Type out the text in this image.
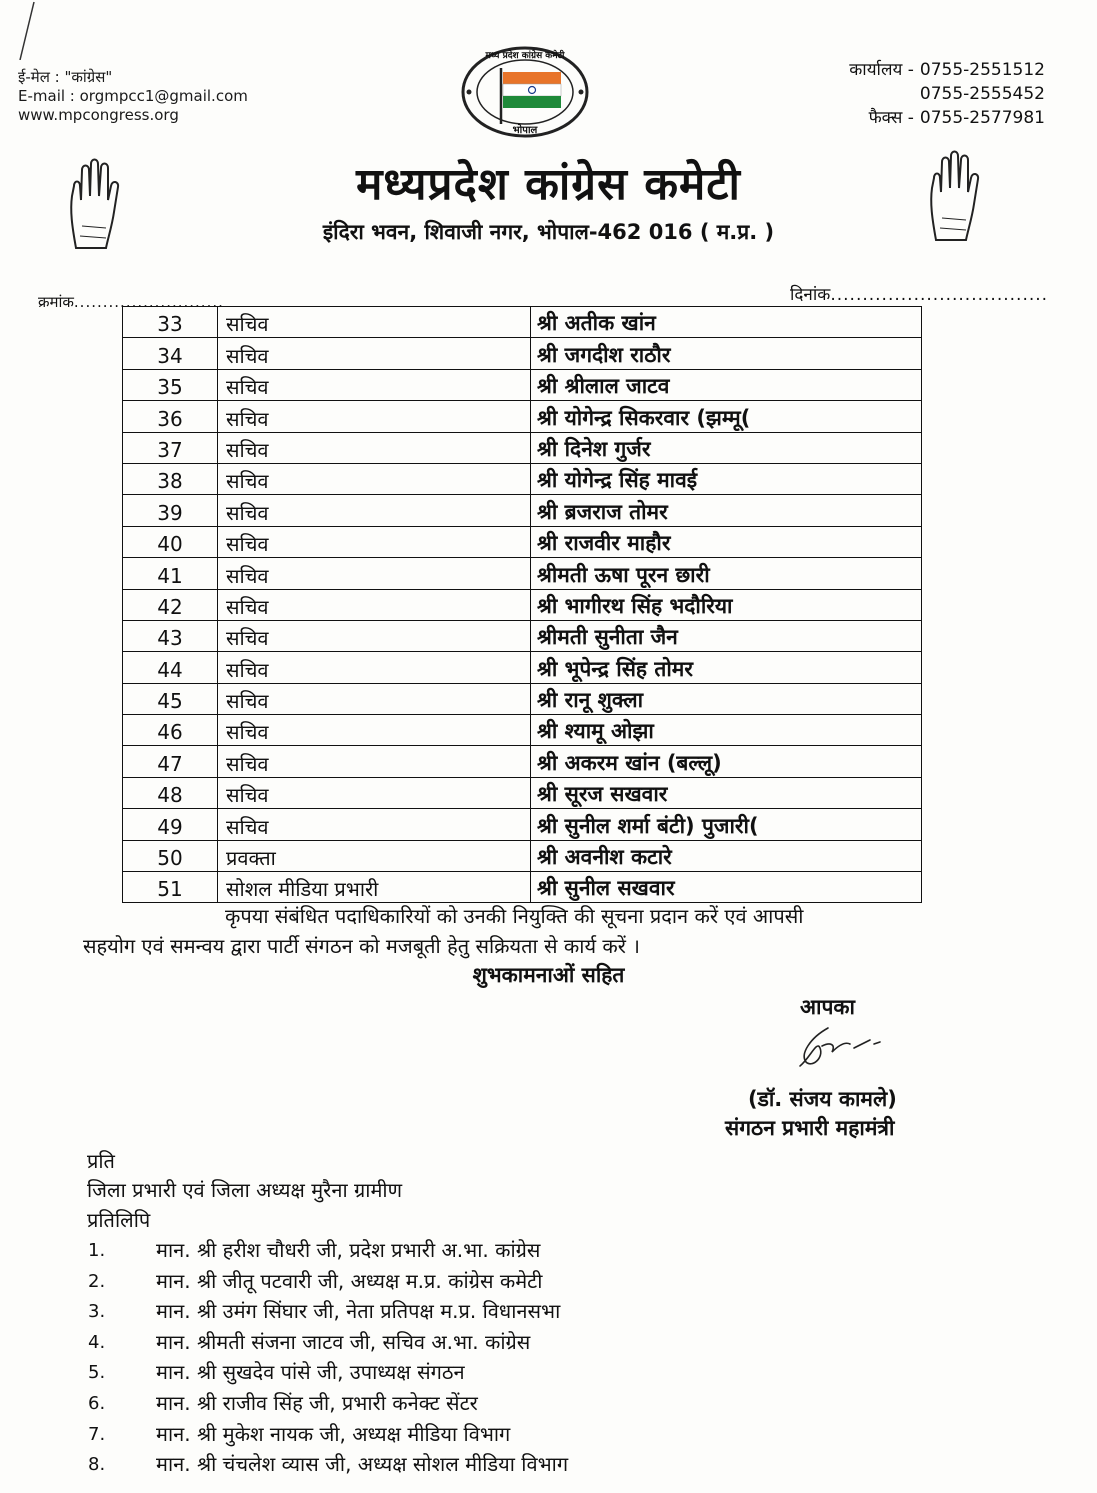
ई-मेल : "कांग्रेस"
E-mail : orgmpcc1@gmail.com
www.mpcongress.org
मध्य प्रदेश कांग्रेस कमेटी
भोपाल
कार्यालय - 0755-2551512
0755-2555452
फैक्स - 0755-2577981
मध्यप्रदेश कांग्रेस कमेटी
इंदिरा भवन, शिवाजी नगर, भोपाल-462 016 ( म.प्र. )
क्रमांक..........................	दिनांक..................................
33	सचिव	श्री अतीक खांन
34	सचिव	श्री जगदीश राठौर
35	सचिव	श्री श्रीलाल जाटव
36	सचिव	श्री योगेन्द्र सिकरवार (झम्मू(
37	सचिव	श्री दिनेश गुर्जर
38	सचिव	श्री योगेन्द्र सिंह मावई
39	सचिव	श्री ब्रजराज तोमर
40	सचिव	श्री राजवीर माहौर
41	सचिव	श्रीमती ऊषा पूरन छारी
42	सचिव	श्री भागीरथ सिंह भदौरिया
43	सचिव	श्रीमती सुनीता जैन
44	सचिव	श्री भूपेन्द्र सिंह तोमर
45	सचिव	श्री रानू शुक्ला
46	सचिव	श्री श्यामू ओझा
47	सचिव	श्री अकरम खांन (बल्लू)
48	सचिव	श्री सूरज सखवार
49	सचिव	श्री सुनील शर्मा बंटी) पुजारी(
50	प्रवक्ता	श्री अवनीश कटारे
51	सोशल मीडिया प्रभारी	श्री सुनील सखवार
कृपया संबंधित पदाधिकारियों को उनकी नियुक्ति की सूचना प्रदान करें एवं आपसी
सहयोग एवं समन्वय द्वारा पार्टी संगठन को मजबूती हेतु सक्रियता से कार्य करें ।
शुभकामनाओं सहित
आपका
(डॉ. संजय कामले)
संगठन प्रभारी महामंत्री
प्रति
जिला प्रभारी एवं जिला अध्यक्ष मुरैना ग्रामीण
प्रतिलिपि
1.	मान. श्री हरीश चौधरी जी, प्रदेश प्रभारी अ.भा. कांग्रेस
2.	मान. श्री जीतू पटवारी जी, अध्यक्ष म.प्र. कांग्रेस कमेटी
3.	मान. श्री उमंग सिंघार जी, नेता प्रतिपक्ष म.प्र. विधानसभा
4.	मान. श्रीमती संजना जाटव जी, सचिव अ.भा. कांग्रेस
5.	मान. श्री सुखदेव पांसे जी, उपाध्यक्ष संगठन
6.	मान. श्री राजीव सिंह जी, प्रभारी कनेक्ट सेंटर
7.	मान. श्री मुकेश नायक जी, अध्यक्ष मीडिया विभाग
8.	मान. श्री चंचलेश व्यास जी, अध्यक्ष सोशल मीडिया विभाग
